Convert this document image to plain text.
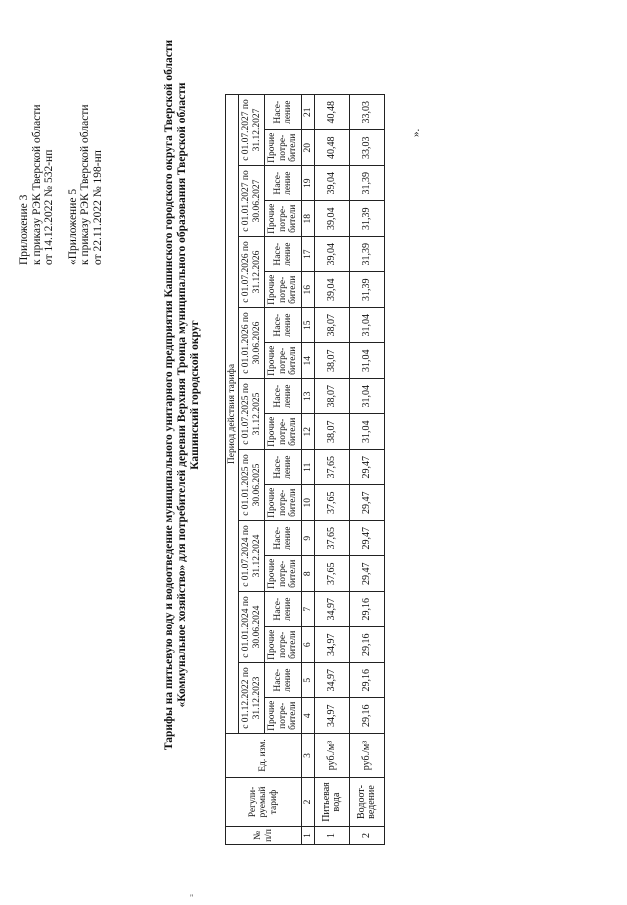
Приложение 3 к приказу РЭК Тверской области от 14.12.2022 № 532-нп «Приложение 5 к приказу РЭК Тверской области от 22.11.2022 № 198-нп	Тарифы на питьевую воду и водоотведение муниципального унитарного предприятия Кашинского городского округа Тверской области «Коммунальное хозяйство» для потребителей деревни Верхняя Троица муниципального образования Тверской области Кашинский городской округ
№ п/п	Регули-руемый тариф	Ед. изм.	Период действия тарифа																	
			с 01.12.2022 по 31.12.2023		с 01.01.2024 по 30.06.2024		с 01.07.2024 по 31.12.2024		с 01.01.2025 по 30.06.2025		с 01.07.2025 по 31.12.2025		с 01.01.2026 по 30.06.2026		с 01.07.2026 по 31.12.2026		с 01.01.2027 по 30.06.2027		с 01.07.2027 по 31.12.2027	
			Прочие потре-бители	Насе-ление	Прочие потре-бители	Насе-ление	Прочие потре-бители	Насе-ление	Прочие потре-бители	Насе-ление	Прочие потре-бители	Насе-ление	Прочие потре-бители	Насе-ление	Прочие потре-бители	Насе-ление	Прочие потре-бители	Насе-ление	Прочие потре-бители	Насе-ление
1	2	3	4	5	6	7	8	9	10	11	12	13	14	15	16	17	18	19	20	21
1	Питьевая вода	руб./м³	34,97	34,97	34,97	34,97	37,65	37,65	37,65	37,65	38,07	38,07	38,07	38,07	39,04	39,04	39,04	39,04	40,48	40,48
2	Водоот-ведение	руб./м³	29,16	29,16	29,16	29,16	29,47	29,47	29,47	29,47	31,04	31,04	31,04	31,04	31,39	31,39	31,39	31,39	33,03	33,03
».
''
